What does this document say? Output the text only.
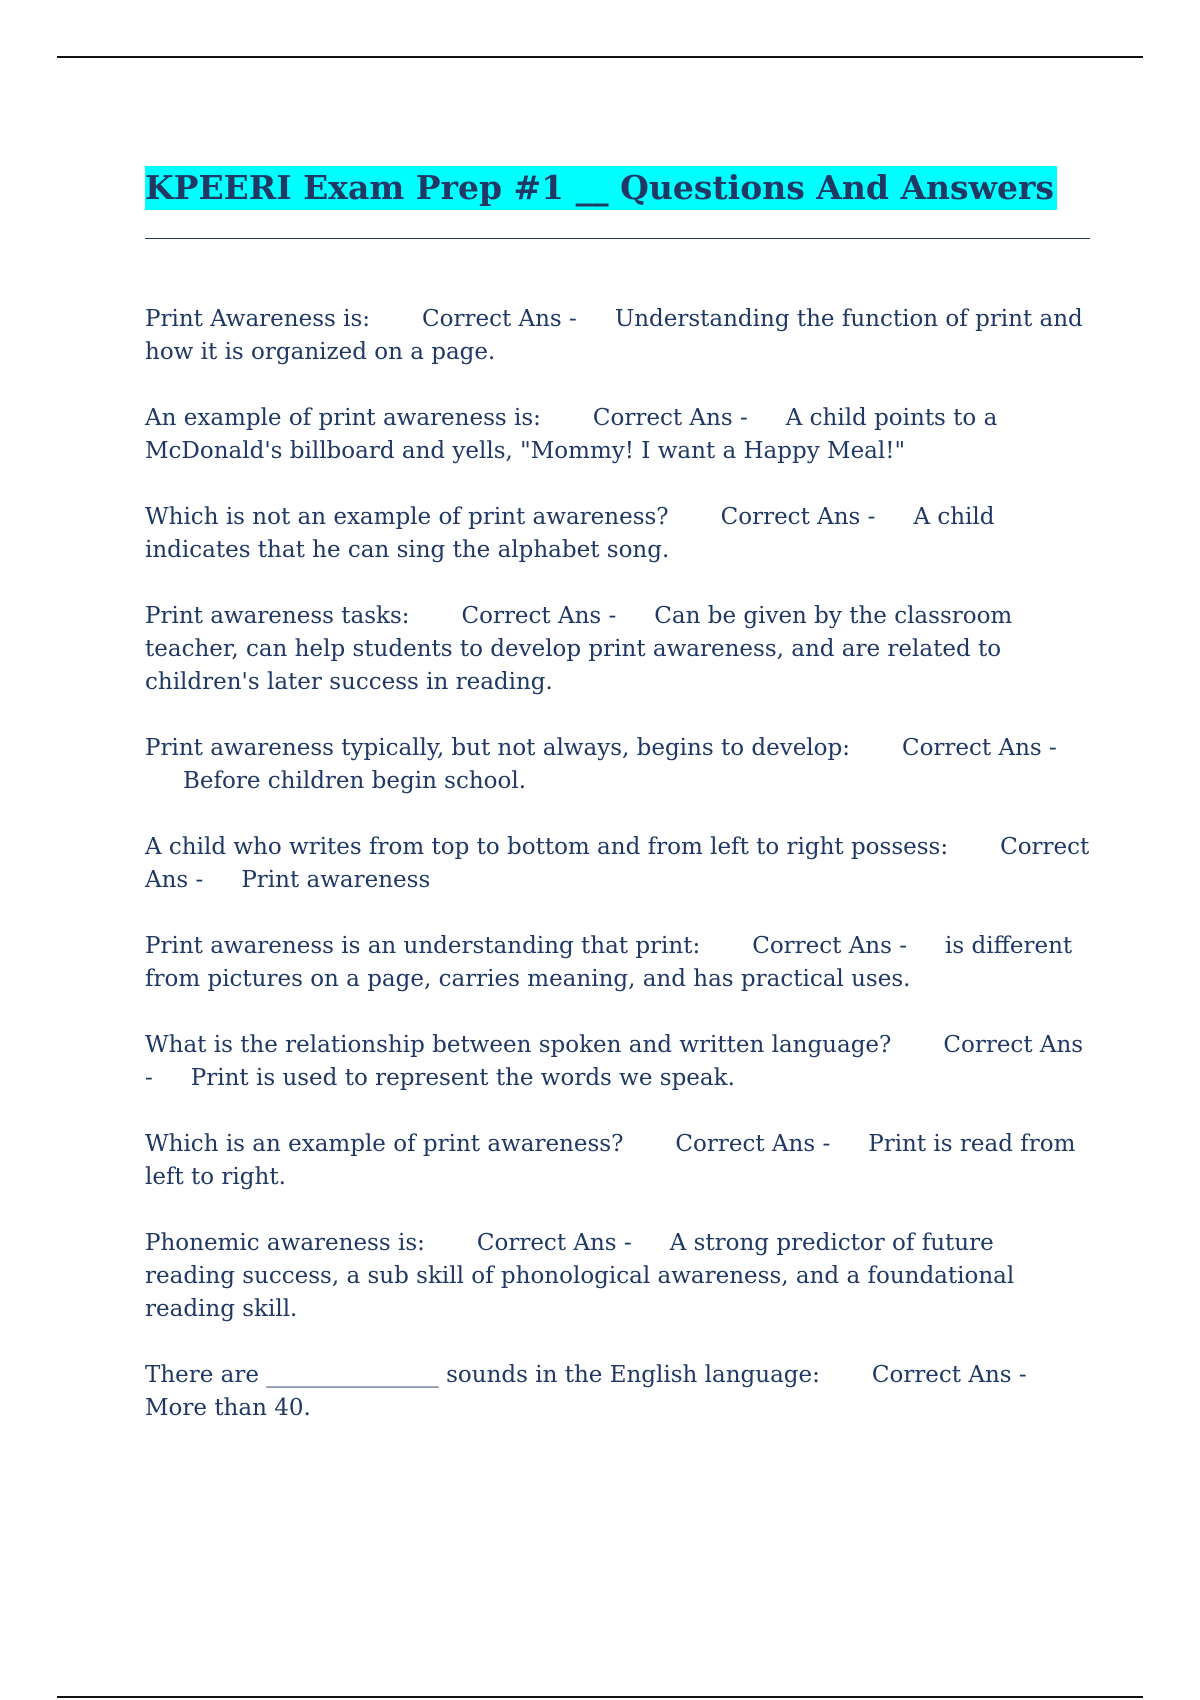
KPEERI Exam Prep #1 __ Questions And Answers

Print Awareness is: Correct Ans - Understanding the function of print and how it is organized on a page.

An example of print awareness is: Correct Ans - A child points to a McDonald's billboard and yells, "Mommy! I want a Happy Meal!"

Which is not an example of print awareness? Correct Ans - A child indicates that he can sing the alphabet song.

Print awareness tasks: Correct Ans - Can be given by the classroom teacher, can help students to develop print awareness, and are related to children's later success in reading.

Print awareness typically, but not always, begins to develop: Correct Ans -Before children begin school.

A child who writes from top to bottom and from left to right possess: Correct Ans - Print awareness

Print awareness is an understanding that print: Correct Ans - is different from pictures on a page, carries meaning, and has practical uses.

What is the relationship between spoken and written language? Correct Ans - Print is used to represent the words we speak.

Which is an example of print awareness? Correct Ans - Print is read from left to right.

Phonemic awareness is: Correct Ans - A strong predictor of future reading success, a sub skill of phonological awareness, and a foundational reading skill.

There are _______________ sounds in the English language: Correct Ans -More than 40.
